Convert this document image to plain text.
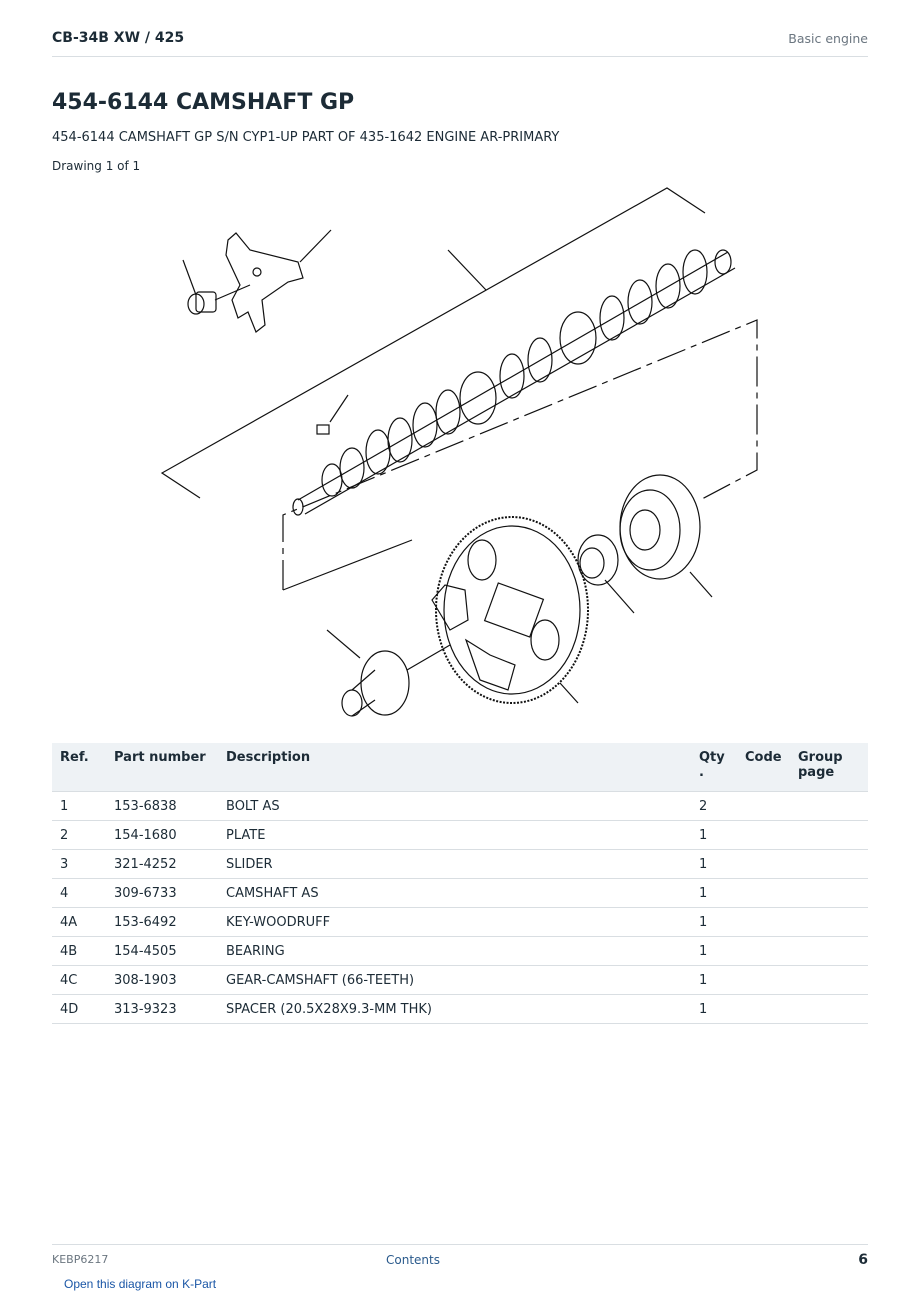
CB-34B XW / 425	Basic engine
454-6144 CAMSHAFT GP
454-6144 CAMSHAFT GP S/N CYP1-UP PART OF 435-1642 ENGINE AR-PRIMARY
Drawing 1 of 1
Ref.	Part number	Description	Qty .	Code	Group page
1	153-6838	BOLT AS	2		
2	154-1680	PLATE	1		
3	321-4252	SLIDER	1		
4	309-6733	CAMSHAFT AS	1		
4A	153-6492	KEY-WOODRUFF	1		
4B	154-4505	BEARING	1		
4C	308-1903	GEAR-CAMSHAFT (66-TEETH)	1		
4D	313-9323	SPACER (20.5X28X9.3-MM THK)	1		
KEBP6217	Contents	6
Open this diagram on K-Part
